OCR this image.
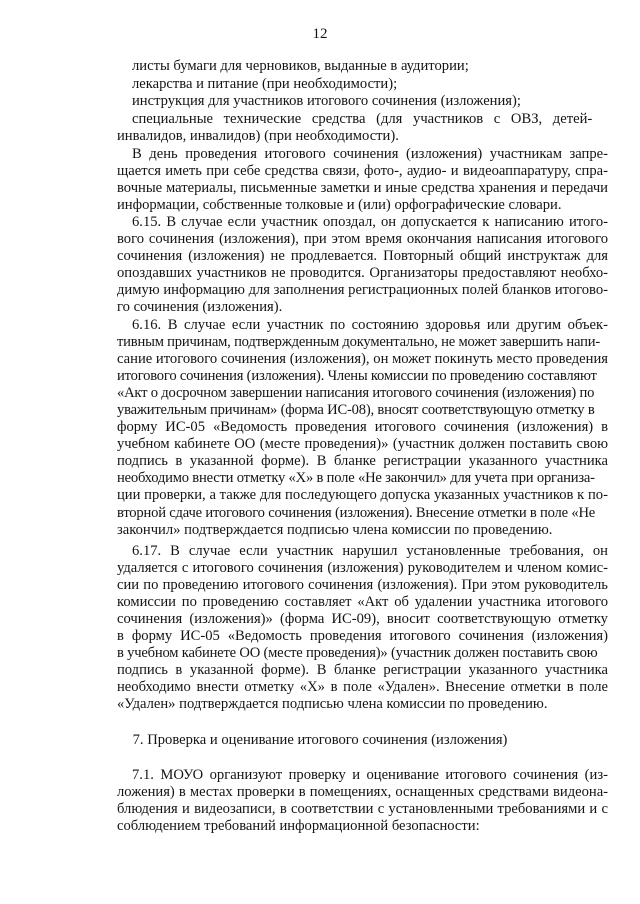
12
листы бумаги для черновиков, выданные в аудитории;
лекарства и питание (при необходимости);
инструкция для участников итогового сочинения (изложения);
специальные технические средства (для участников с ОВЗ, детей-
инвалидов, инвалидов) (при необходимости).
В день проведения итогового сочинения (изложения) участникам запре-
щается иметь при себе средства связи, фото-, аудио- и видеоаппаратуру, спра-
вочные материалы, письменные заметки и иные средства хранения и передачи
информации, собственные толковые и (или) орфографические словари.
6.15. В случае если участник опоздал, он допускается к написанию итого-
вого сочинения (изложения), при этом время окончания написания итогового
сочинения (изложения) не продлевается. Повторный общий инструктаж для
опоздавших участников не проводится. Организаторы предоставляют необхо-
димую информацию для заполнения регистрационных полей бланков итогово-
го сочинения (изложения).
6.16. В случае если участник по состоянию здоровья или другим объек-
тивным причинам, подтвержденным документально, не может завершить напи-
сание итогового сочинения (изложения), он может покинуть место проведения
итогового сочинения (изложения). Члены комиссии по проведению составляют
«Акт о досрочном завершении написания итогового сочинения (изложения) по
уважительным причинам» (форма ИС-08), вносят соответствующую отметку в
форму ИС-05 «Ведомость проведения итогового сочинения (изложения) в
учебном кабинете ОО (месте проведения)» (участник должен поставить свою
подпись в указанной форме). В бланке регистрации указанного участника
необходимо внести отметку «Х» в поле «Не закончил» для учета при организа-
ции проверки, а также для последующего допуска указанных участников к по-
вторной сдаче итогового сочинения (изложения). Внесение отметки в поле «Не
закончил» подтверждается подписью члена комиссии по проведению.
6.17. В случае если участник нарушил установленные требования, он
удаляется с итогового сочинения (изложения) руководителем и членом комис-
сии по проведению итогового сочинения (изложения). При этом руководитель
комиссии по проведению составляет «Акт об удалении участника итогового
сочинения (изложения)» (форма ИС-09), вносит соответствующую отметку
в форму ИС-05 «Ведомость проведения итогового сочинения (изложения)
в учебном кабинете ОО (месте проведения)» (участник должен поставить свою
подпись в указанной форме). В бланке регистрации указанного участника
необходимо внести отметку «Х» в поле «Удален». Внесение отметки в поле
«Удален» подтверждается подписью члена комиссии по проведению.
7. Проверка и оценивание итогового сочинения (изложения)
7.1. МОУО организуют проверку и оценивание итогового сочинения (из-
ложения) в местах проверки в помещениях, оснащенных средствами видеона-
блюдения и видеозаписи, в соответствии с установленными требованиями и с
соблюдением требований информационной безопасности:
